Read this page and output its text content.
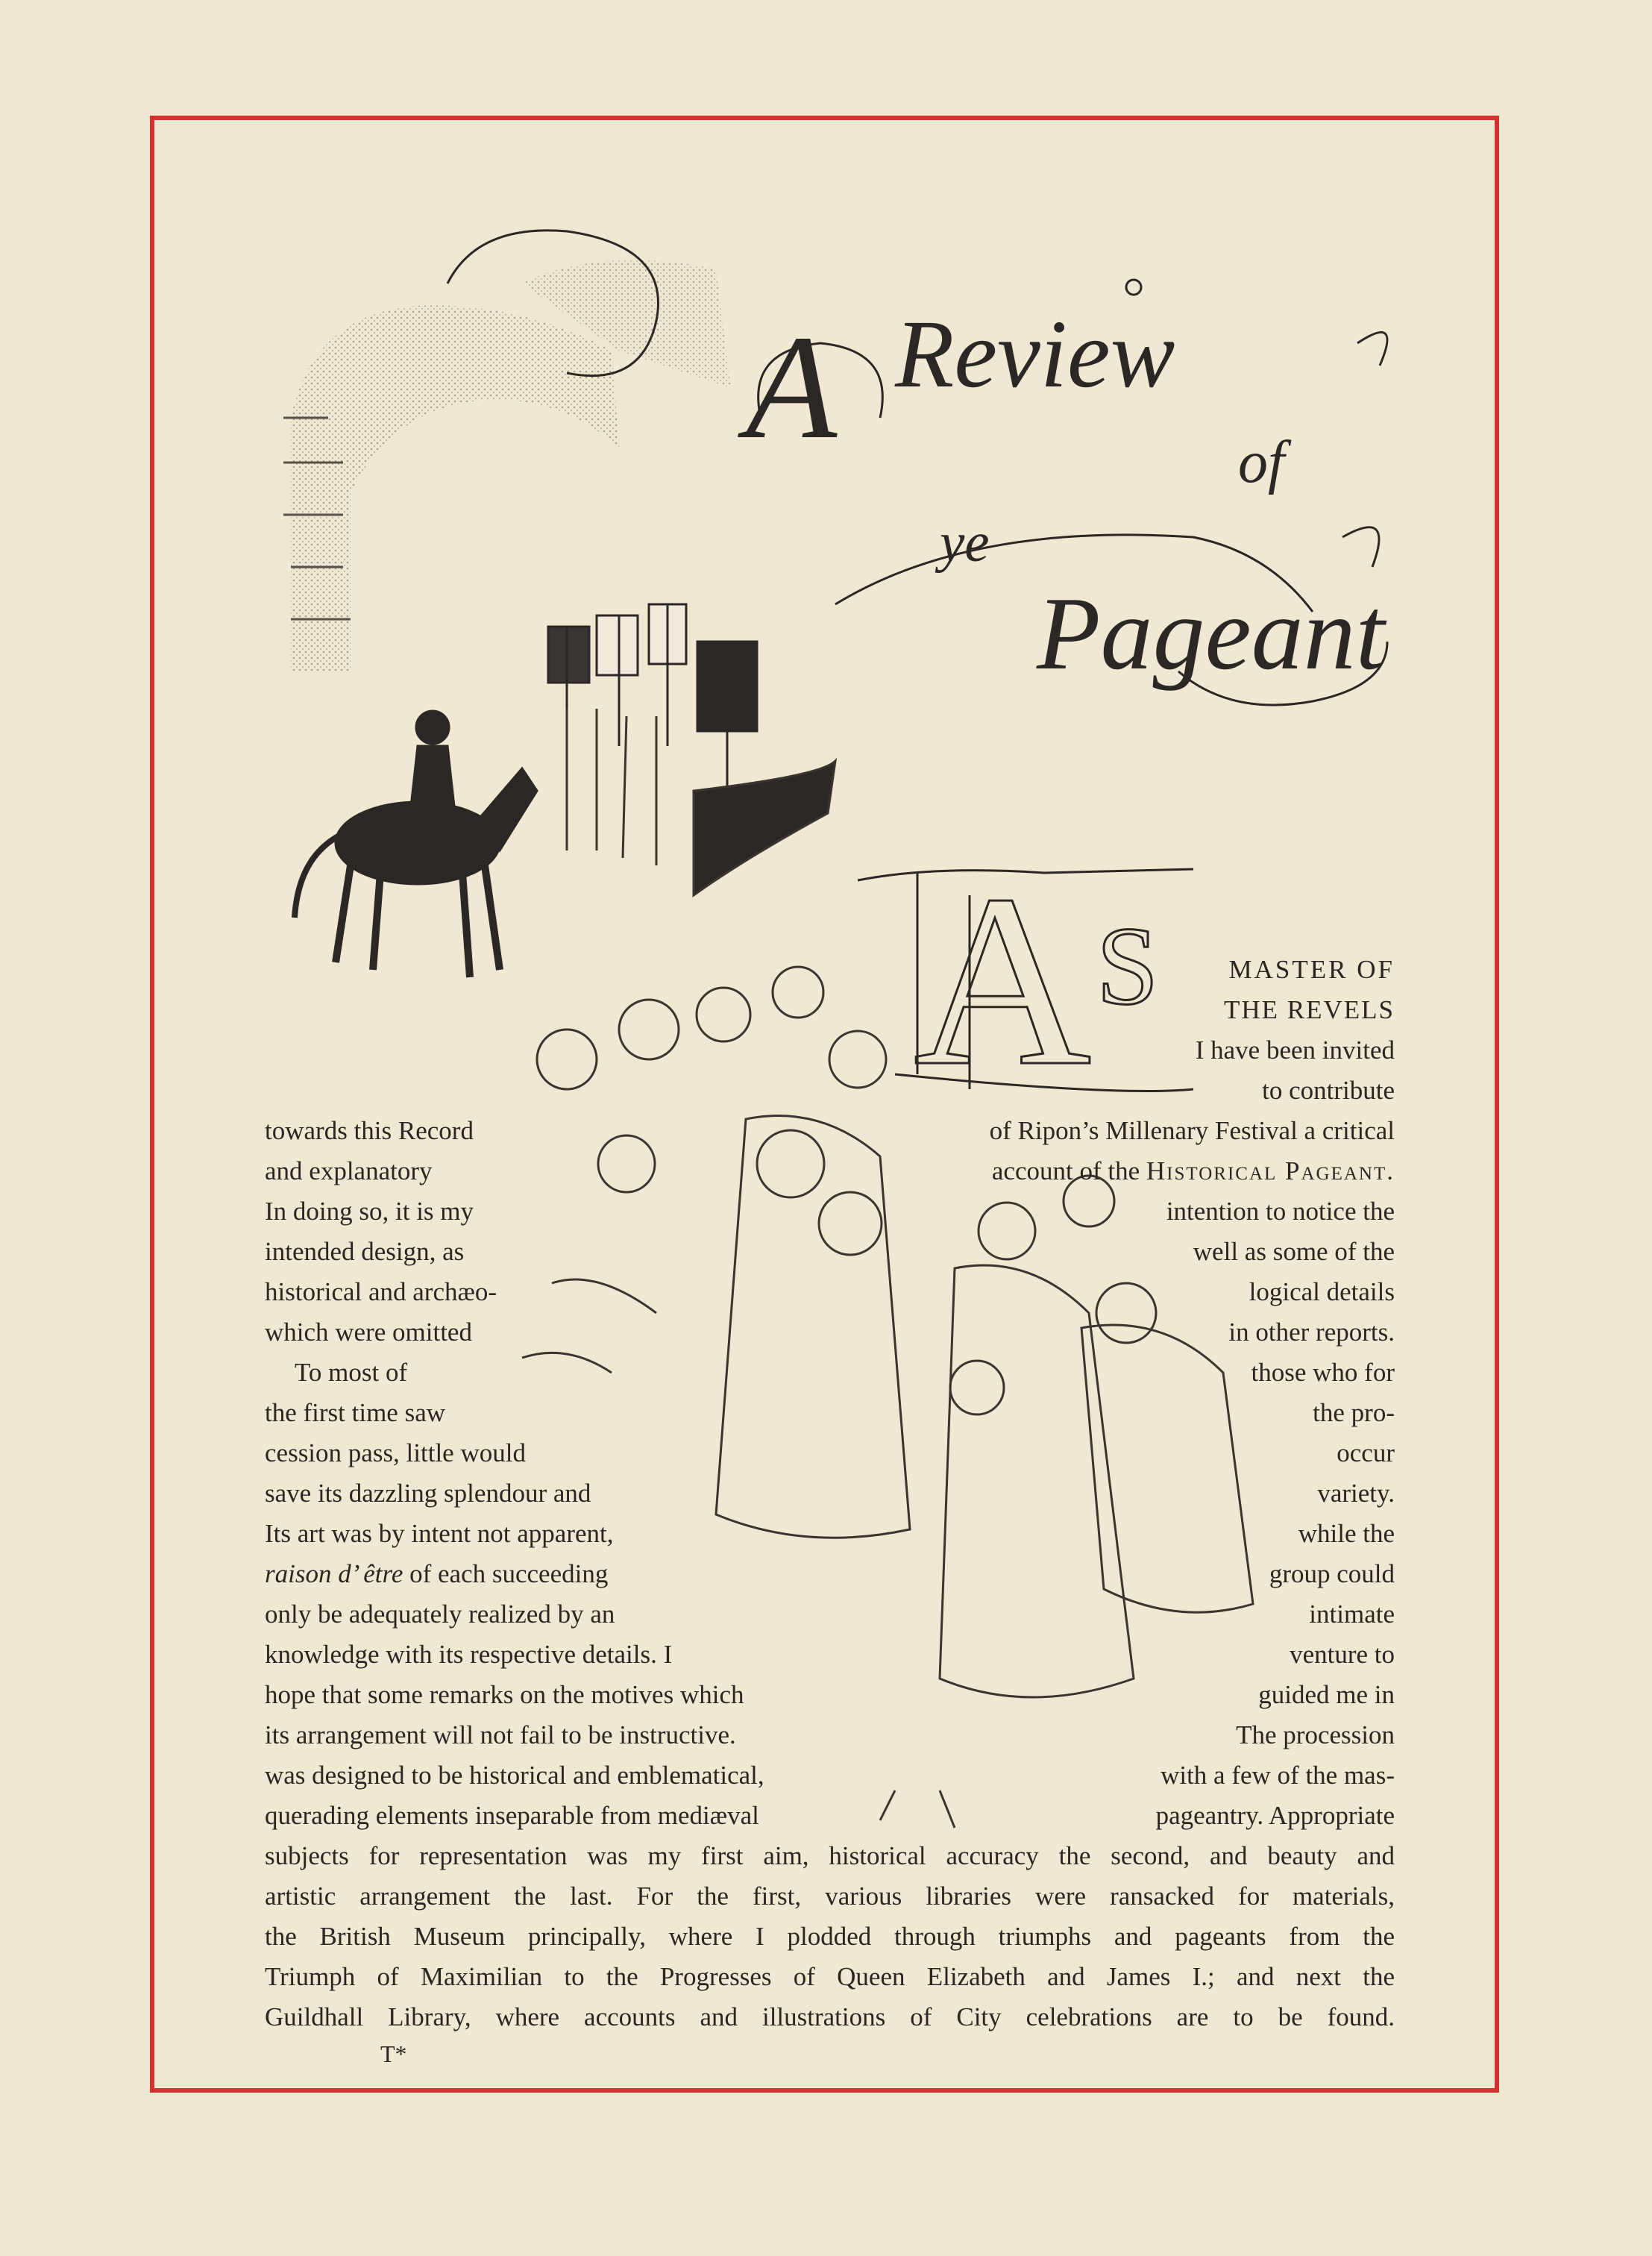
A Review
of
ye
Pageant
A S	MASTER OF
THE REVELS
I have been invited
to contribute
towards this Record	of Ripon’s Millenary Festival a critical
and explanatory	account of the Historical Pageant.
In doing so, it is my	intention to notice the
intended design, as	well as some of the
historical and archæo-	logical details
which were omitted	in other reports.
To most of	those who for
the first time saw	the pro-
cession pass, little would	occur
save its dazzling splendour and	variety.
Its art was by intent not apparent,	while the
raison d’ être of each succeeding	group could
only be adequately realized by an	intimate
knowledge with its respective details. I	venture to
hope that some remarks on the motives which	guided me in
its arrangement will not fail to be instructive.	The procession
was designed to be historical and emblematical,	with a few of the mas-
querading elements inseparable from mediæval	pageantry. Appropriate
subjects for representation was my first aim, historical accuracy the second, and beauty and
artistic arrangement the last. For the first, various libraries were ransacked for materials,
the British Museum principally, where I plodded through triumphs and pageants from the
Triumph of Maximilian to the Progresses of Queen Elizabeth and James I.; and next the
Guildhall Library, where accounts and illustrations of City celebrations are to be found.
T*
